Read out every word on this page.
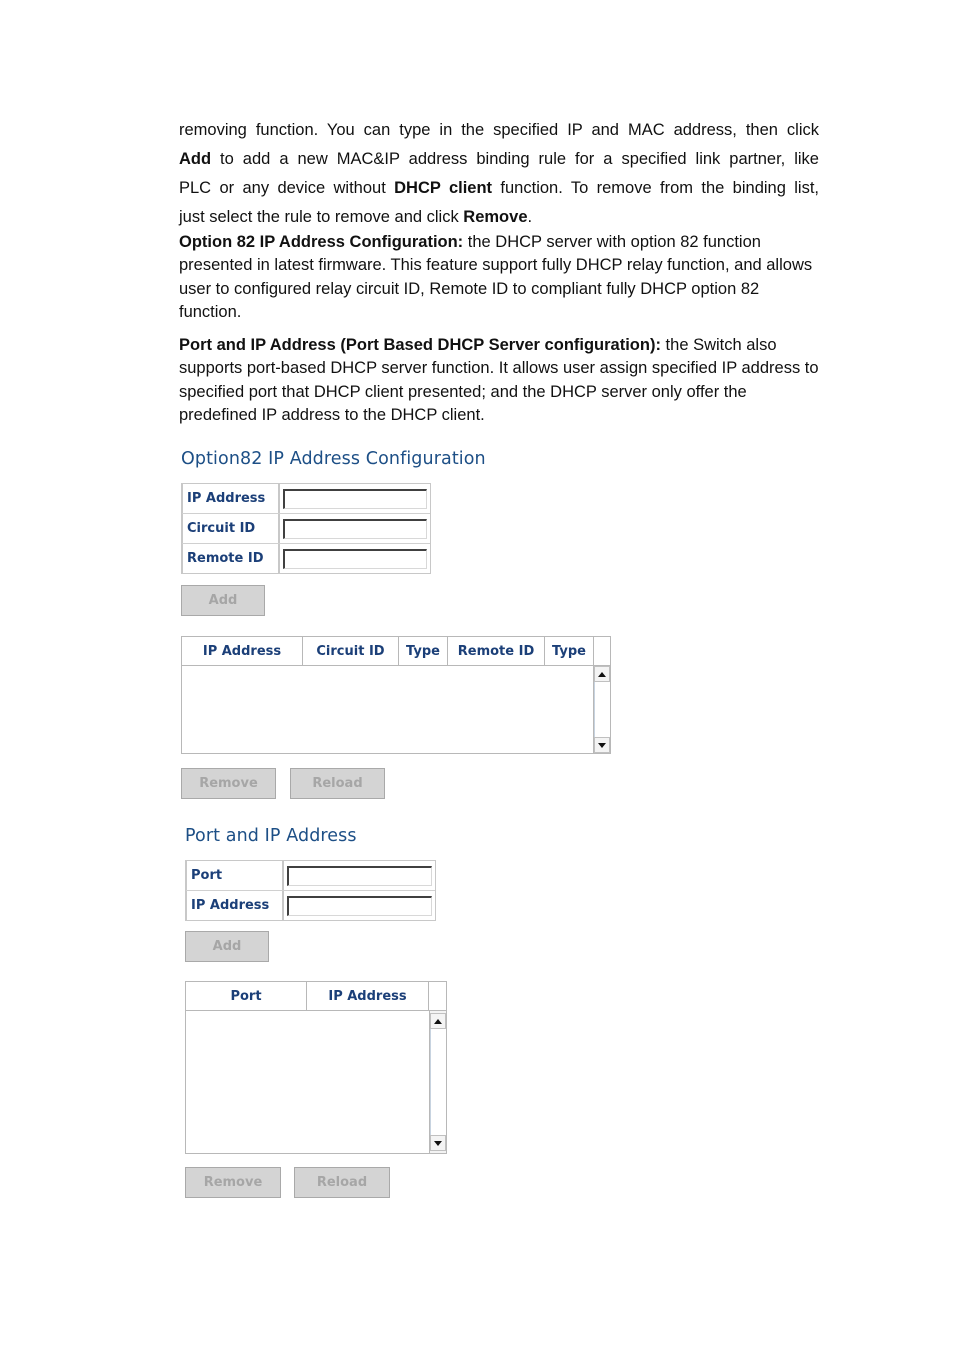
removing function. You can type in the specified IP and MAC address, then click
Add to add a new MAC&IP address binding rule for a specified link partner, like
PLC or any device without DHCP client function. To remove from the binding list,
just select the rule to remove and click Remove.

Option 82 IP Address Configuration: the DHCP server with option 82 function presented in latest firmware. This feature support fully DHCP relay function, and allows user to configured relay circuit ID, Remote ID to compliant fully DHCP option 82 function.

Port and IP Address (Port Based DHCP Server configuration): the Switch also supports port-based DHCP server function. It allows user assign specified IP address to specified port that DHCP client presented; and the DHCP server only offer the predefined IP address to the DHCP client.

Option82 IP Address Configuration
IP Address
Circuit ID
Remote ID
Add
IP Address	Circuit ID	Type	Remote ID	Type
Remove	Reload
Port and IP Address
Port
IP Address
Add
Port	IP Address
Remove	Reload
